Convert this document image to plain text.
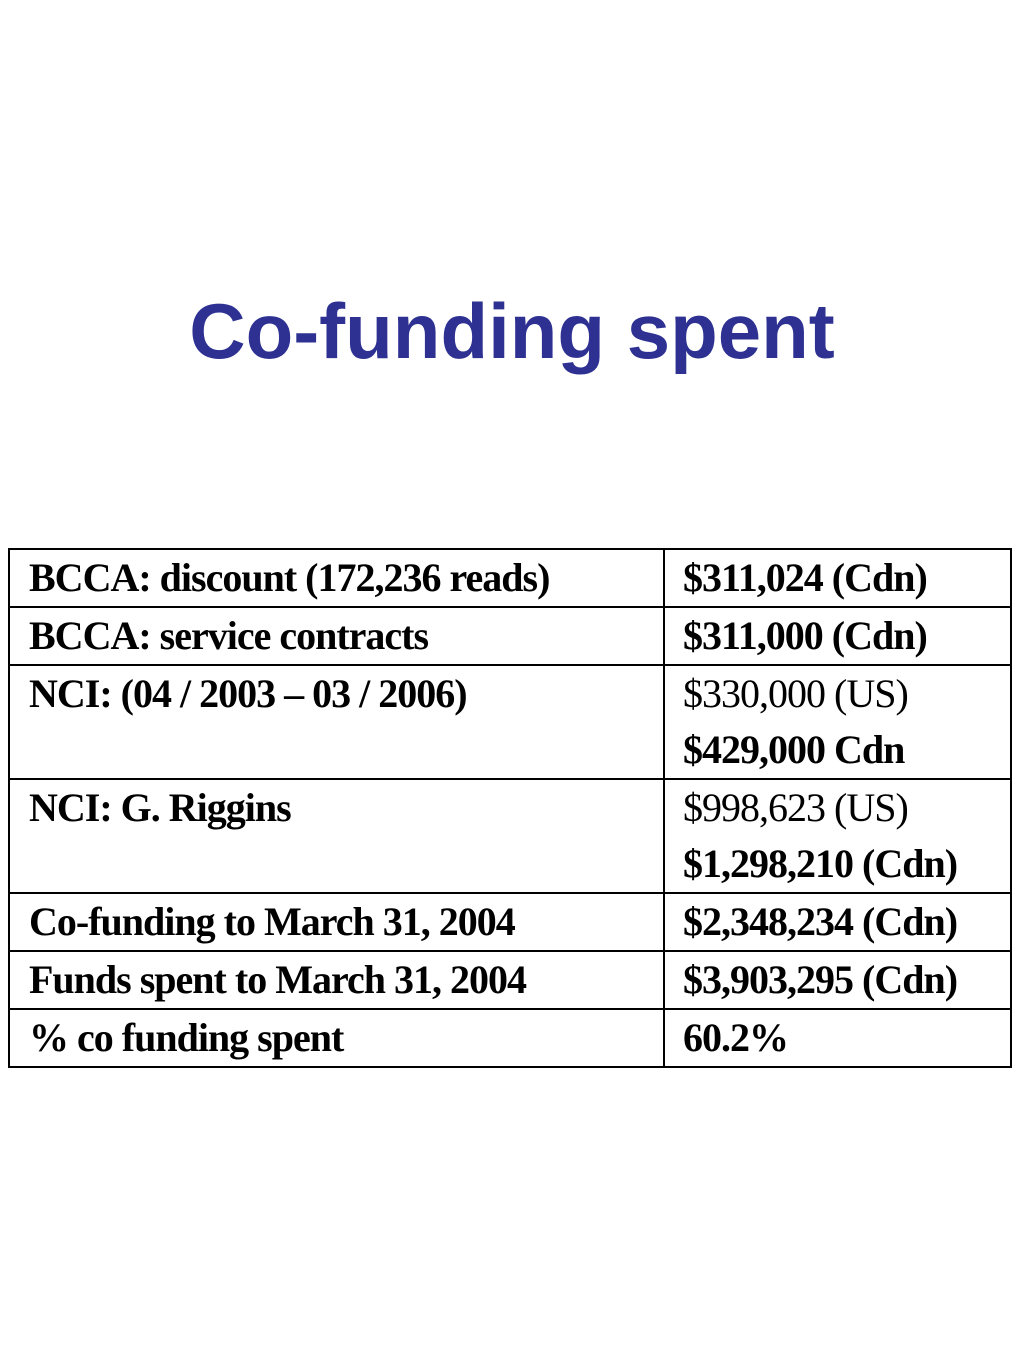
Co-funding spent
BCCA: discount (172,236 reads)	$311,024 (Cdn)

BCCA: service contracts	$311,000 (Cdn)

NCI: (04 / 2003 – 03 / 2006)	$330,000 (US)
$429,000 Cdn

NCI: G. Riggins	$998,623 (US)
$1,298,210 (Cdn)

Co-funding to March 31, 2004	$2,348,234 (Cdn)

Funds spent to March 31, 2004	$3,903,295 (Cdn)

% co funding spent	60.2%
